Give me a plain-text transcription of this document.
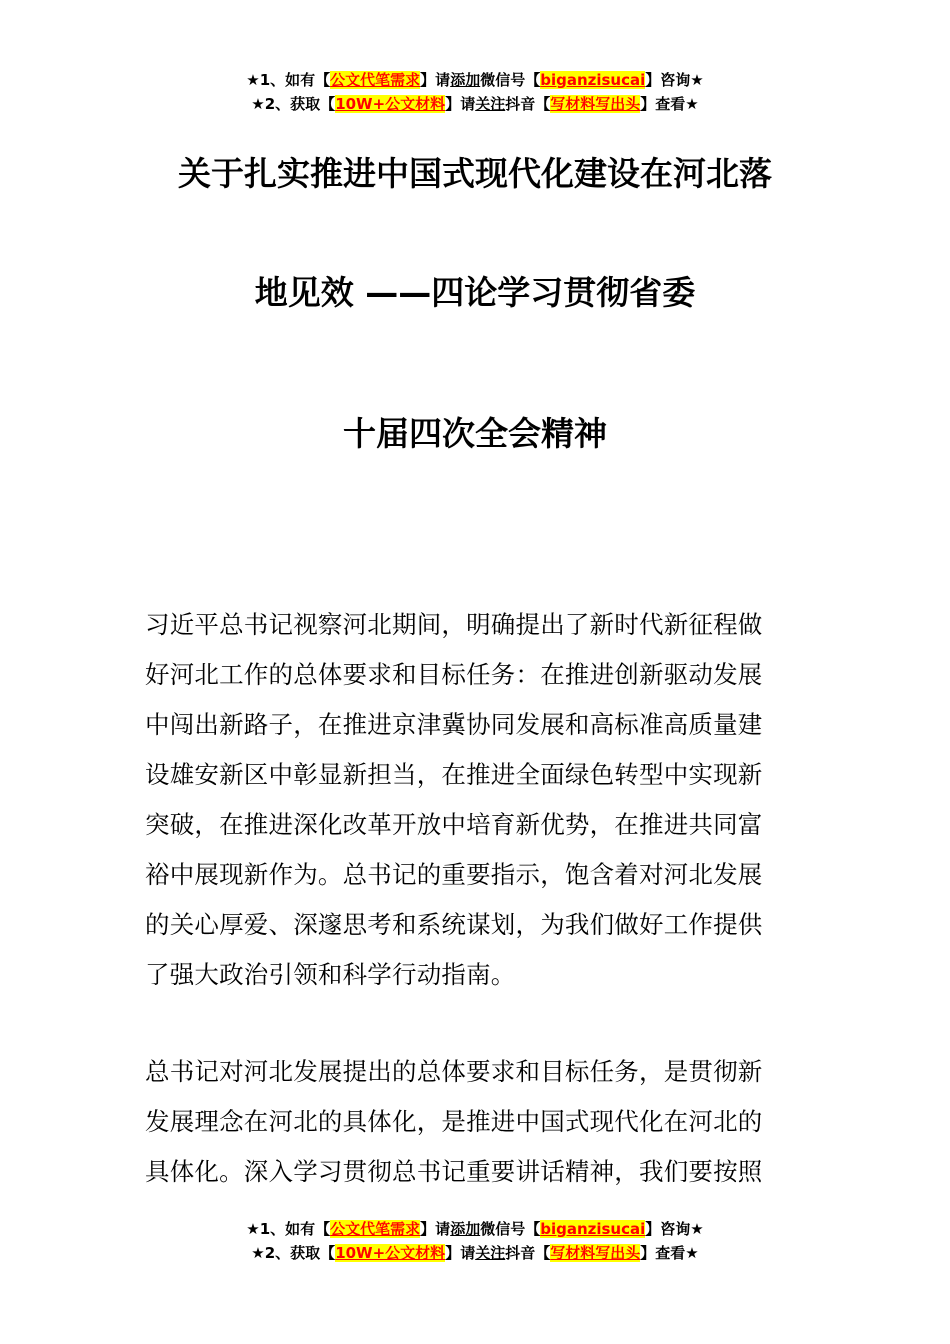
★1、如有【公文代笔需求】请添加微信号【biganzisucai】咨询★
★2、获取【10W+公文材料】请关注抖音【写材料写出头】查看★
关于扎实推进中国式现代化建设在河北落
地见效 ——四论学习贯彻省委
十届四次全会精神
习近平总书记视察河北期间，明确提出了新时代新征程做
好河北工作的总体要求和目标任务：在推进创新驱动发展
中闯出新路子，在推进京津冀协同发展和高标准高质量建
设雄安新区中彰显新担当，在推进全面绿色转型中实现新
突破，在推进深化改革开放中培育新优势，在推进共同富
裕中展现新作为。总书记的重要指示，饱含着对河北发展
的关心厚爱、深邃思考和系统谋划，为我们做好工作提供
了强大政治引领和科学行动指南。
总书记对河北发展提出的总体要求和目标任务，是贯彻新
发展理念在河北的具体化，是推进中国式现代化在河北的
具体化。深入学习贯彻总书记重要讲话精神，我们要按照
★1、如有【公文代笔需求】请添加微信号【biganzisucai】咨询★
★2、获取【10W+公文材料】请关注抖音【写材料写出头】查看★
